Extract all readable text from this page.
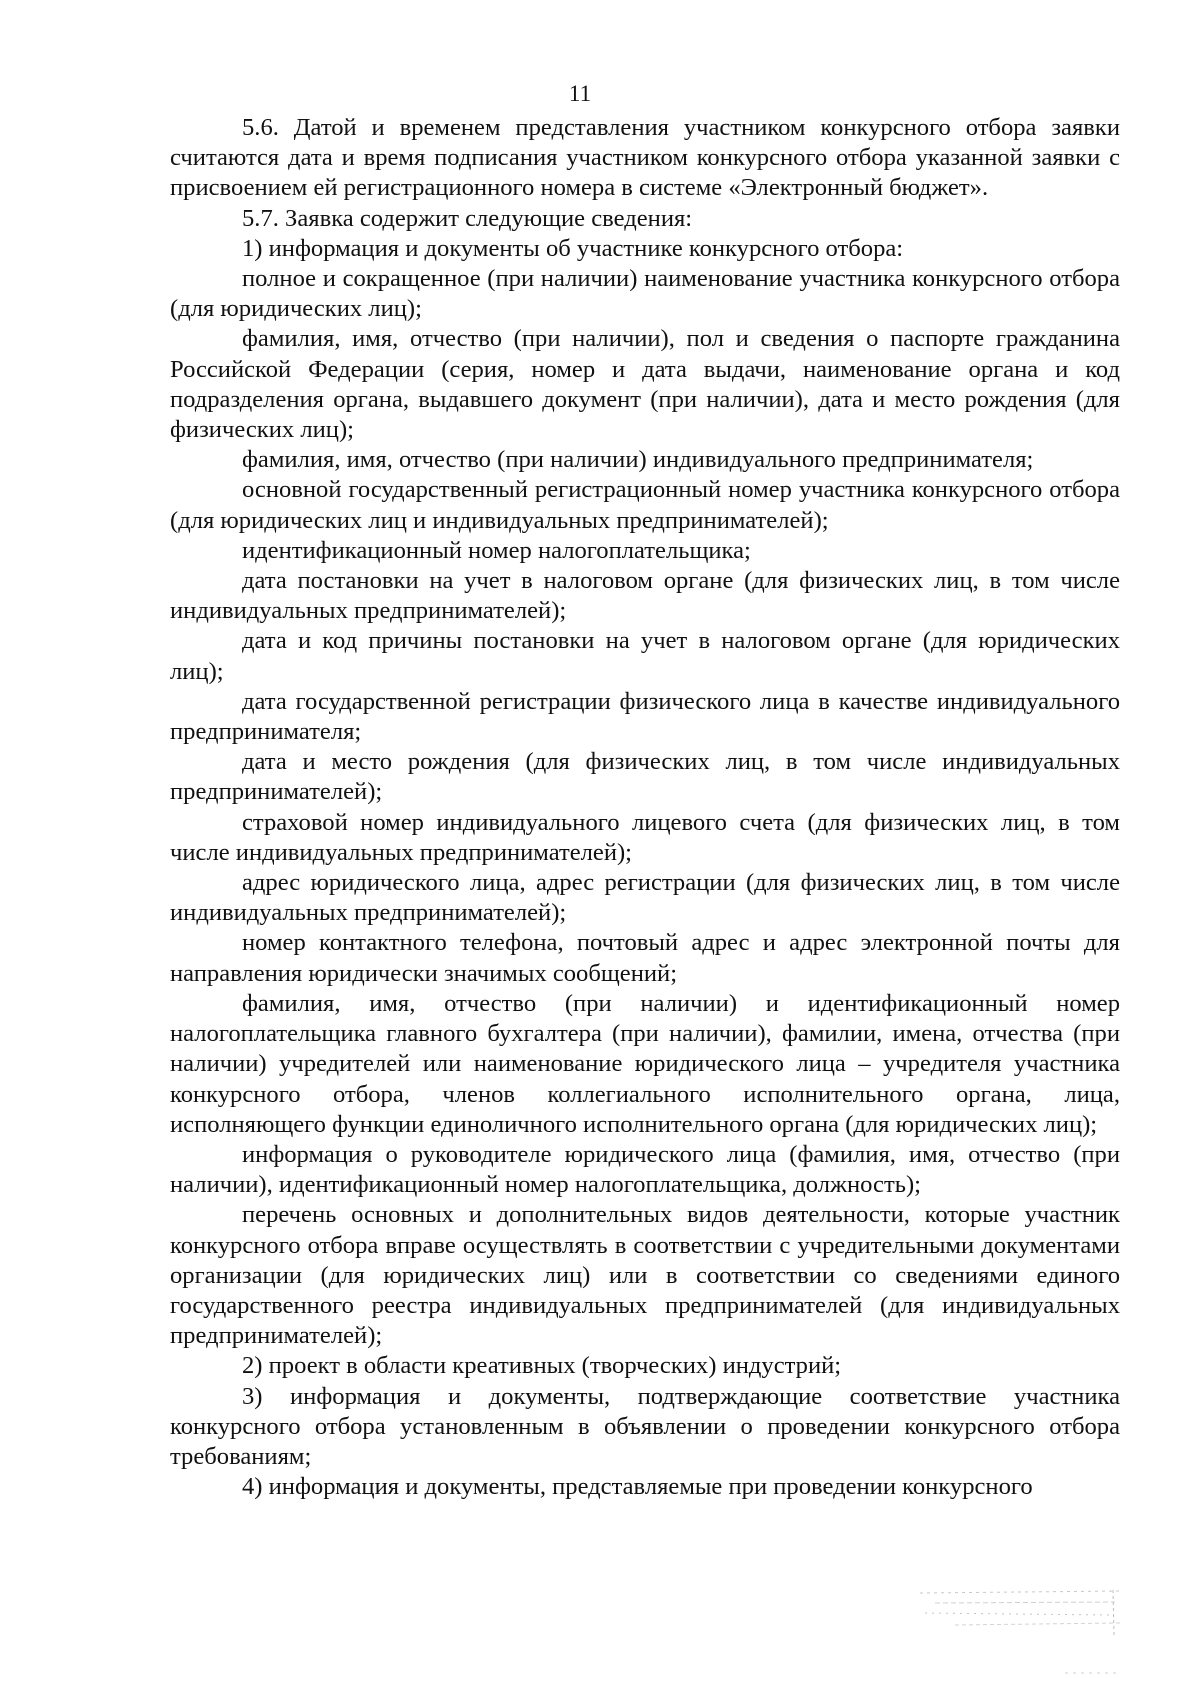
11

5.6. Датой и временем представления участником конкурсного отбора заявки считаются дата и время подписания участником конкурсного отбора указанной заявки с присвоением ей регистрационного номера в системе «Электронный бюджет».

5.7. Заявка содержит следующие сведения:

1) информация и документы об участнике конкурсного отбора:

полное и сокращенное (при наличии) наименование участника конкурсного отбора (для юридических лиц);

фамилия, имя, отчество (при наличии), пол и сведения о паспорте гражданина Российской Федерации (серия, номер и дата выдачи, наименование органа и код подразделения органа, выдавшего документ (при наличии), дата и место рождения (для физических лиц);

фамилия, имя, отчество (при наличии) индивидуального предпринимателя;

основной государственный регистрационный номер участника конкурсного отбора (для юридических лиц и индивидуальных предпринимателей);

идентификационный номер налогоплательщика;

дата постановки на учет в налоговом органе (для физических лиц, в том числе индивидуальных предпринимателей);

дата и код причины постановки на учет в налоговом органе (для юридических лиц);

дата государственной регистрации физического лица в качестве индивидуального предпринимателя;

дата и место рождения (для физических лиц, в том числе индивидуальных предпринимателей);

страховой номер индивидуального лицевого счета (для физических лиц, в том числе индивидуальных предпринимателей);

адрес юридического лица, адрес регистрации (для физических лиц, в том числе индивидуальных предпринимателей);

номер контактного телефона, почтовый адрес и адрес электронной почты для направления юридически значимых сообщений;

фамилия, имя, отчество (при наличии) и идентификационный номер налогоплательщика главного бухгалтера (при наличии), фамилии, имена, отчества (при наличии) учредителей или наименование юридического лица – учредителя участника конкурсного отбора, членов коллегиального исполнительного органа, лица, исполняющего функции единоличного исполнительного органа (для юридических лиц);

информация о руководителе юридического лица (фамилия, имя, отчество (при наличии), идентификационный номер налогоплательщика, должность);

перечень основных и дополнительных видов деятельности, которые участник конкурсного отбора вправе осуществлять в соответствии с учредительными документами организации (для юридических лиц) или в соответствии со сведениями единого государственного реестра индивидуальных предпринимателей (для индивидуальных предпринимателей);

2) проект в области креативных (творческих) индустрий;

3) информация и документы, подтверждающие соответствие участника конкурсного отбора установленным в объявлении о проведении конкурсного отбора требованиям;

4) информация и документы, представляемые при проведении конкурсного
